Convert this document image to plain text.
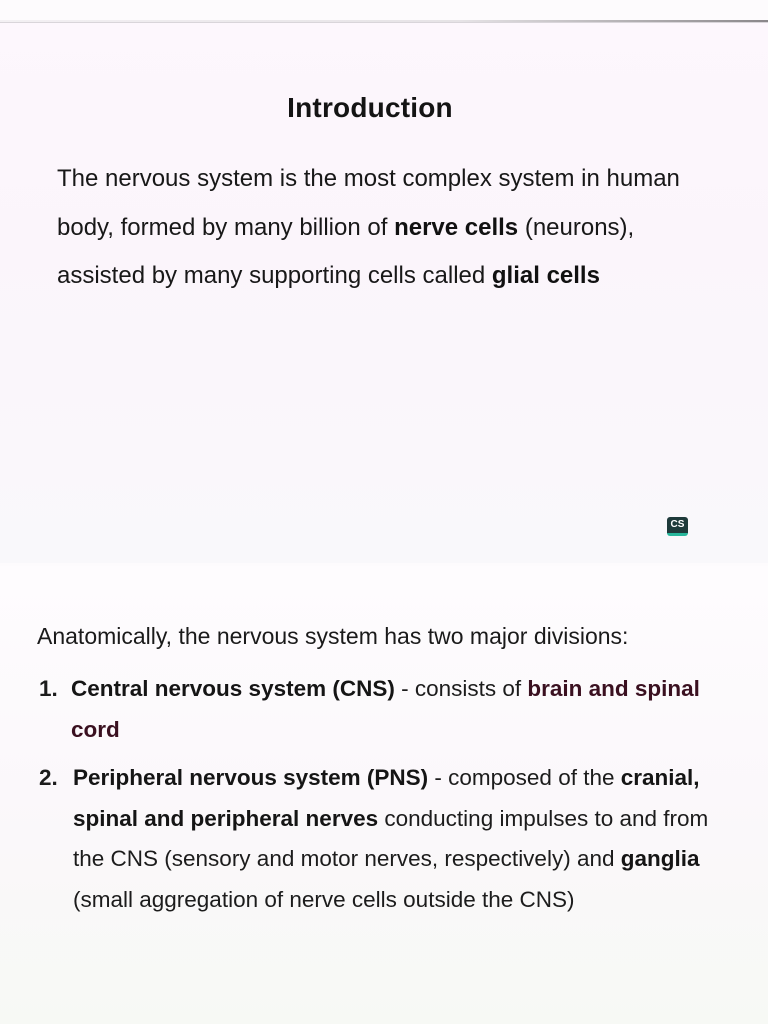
Introduction

The nervous system is the most complex system in human body, formed by many billion of nerve cells (neurons), assisted by many supporting cells called glial cells

CS

Anatomically, the nervous system has two major divisions:

1. Central nervous system (CNS) - consists of brain and spinal cord
2. Peripheral nervous system (PNS) - composed of the cranial, spinal and peripheral nerves conducting impulses to and from the CNS (sensory and motor nerves, respectively) and ganglia (small aggregation of nerve cells outside the CNS)
